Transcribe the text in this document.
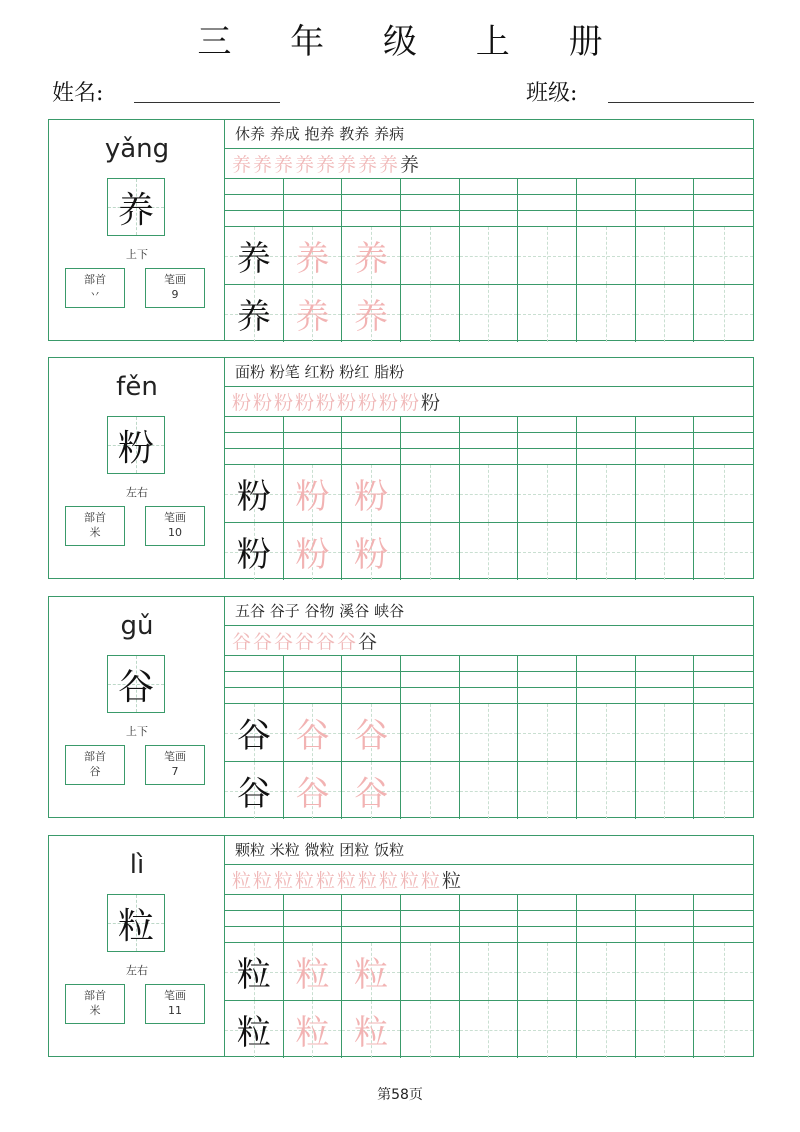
三 年 级 上 册
姓名:	班级:
yǎng
养
上下
部首
丷
笔画
9
休养 养成 抱养 教养 养病
养 养 养 养 养 养 养 养 养
养 养 养
养 养 养
fěn
粉
左右
部首
米
笔画
10
面粉 粉笔 红粉 粉红 脂粉
粉 粉 粉 粉 粉 粉 粉 粉 粉 粉
粉 粉 粉
粉 粉 粉
gǔ
谷
上下
部首
谷
笔画
7
五谷 谷子 谷物 溪谷 峡谷
谷 谷 谷 谷 谷 谷 谷
谷 谷 谷
谷 谷 谷
lì
粒
左右
部首
米
笔画
11
颗粒 米粒 微粒 团粒 饭粒
粒 粒 粒 粒 粒 粒 粒 粒 粒 粒 粒
粒 粒 粒
粒 粒 粒
第58页
